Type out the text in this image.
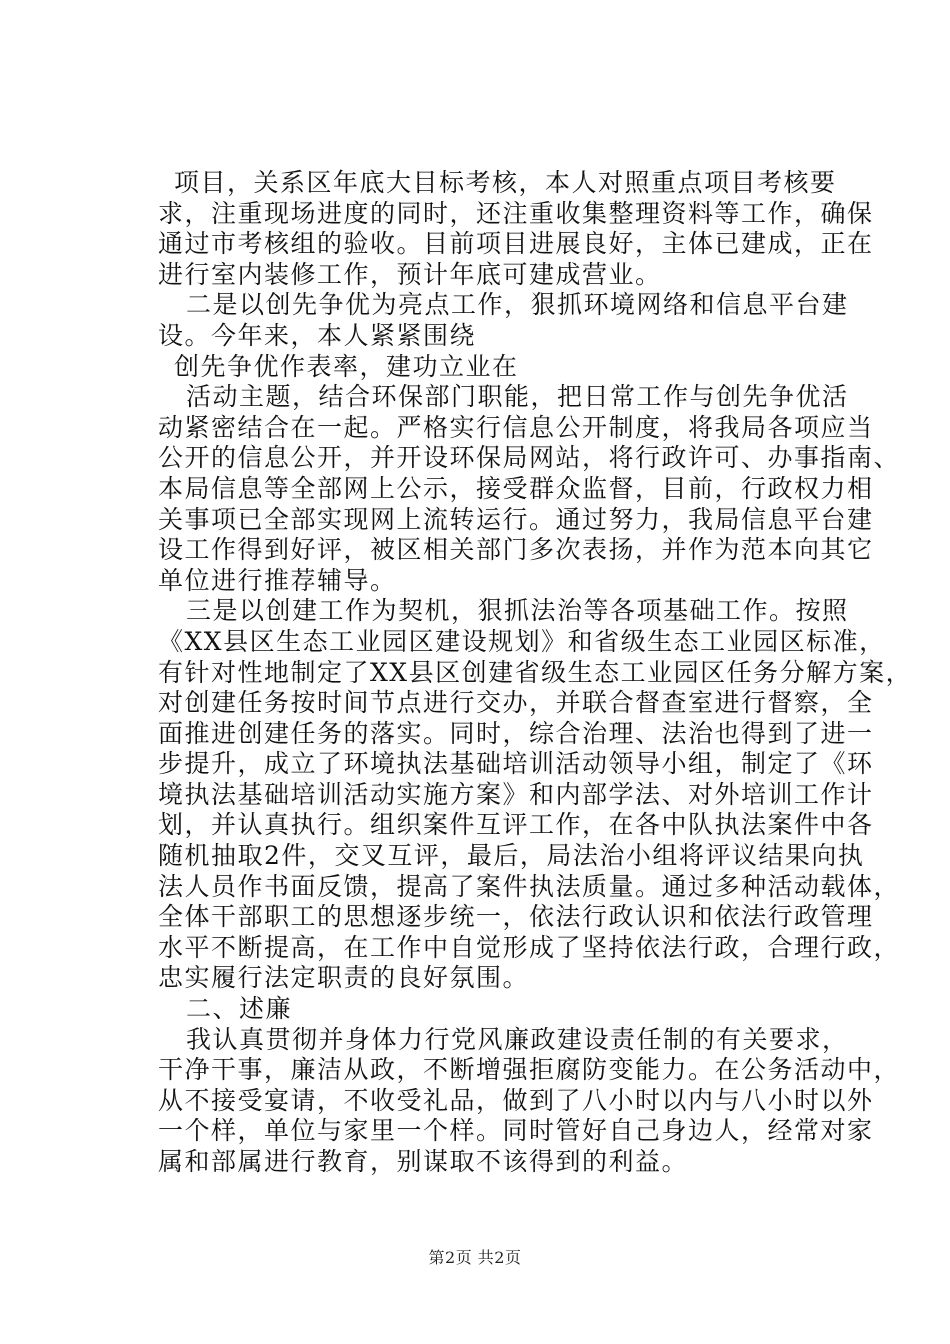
项目，关系区年底大目标考核，本人对照重点项目考核要
求，注重现场进度的同时，还注重收集整理资料等工作，确保
通过市考核组的验收。目前项目进展良好，主体已建成，正在
进行室内装修工作，预计年底可建成营业。
二是以创先争优为亮点工作，狠抓环境网络和信息平台建
设。今年来，本人紧紧围绕
创先争优作表率，建功立业在
活动主题，结合环保部门职能，把日常工作与创先争优活
动紧密结合在一起。严格实行信息公开制度，将我局各项应当
公开的信息公开，并开设环保局网站，将行政许可、办事指南、
本局信息等全部网上公示，接受群众监督，目前，行政权力相
关事项已全部实现网上流转运行。通过努力，我局信息平台建
设工作得到好评，被区相关部门多次表扬，并作为范本向其它
单位进行推荐辅导。
三是以创建工作为契机，狠抓法治等各项基础工作。按照
《XX县区生态工业园区建设规划》和省级生态工业园区标准，
有针对性地制定了XX县区创建省级生态工业园区任务分解方案，
对创建任务按时间节点进行交办，并联合督查室进行督察，全
面推进创建任务的落实。同时，综合治理、法治也得到了进一
步提升，成立了环境执法基础培训活动领导小组，制定了《环
境执法基础培训活动实施方案》和内部学法、对外培训工作计
划，并认真执行。组织案件互评工作，在各中队执法案件中各
随机抽取2件，交叉互评，最后，局法治小组将评议结果向执
法人员作书面反馈，提高了案件执法质量。通过多种活动载体，
全体干部职工的思想逐步统一，依法行政认识和依法行政管理
水平不断提高，在工作中自觉形成了坚持依法行政，合理行政，
忠实履行法定职责的良好氛围。
二、述廉
我认真贯彻并身体力行党风廉政建设责任制的有关要求，
干净干事，廉洁从政，不断增强拒腐防变能力。在公务活动中，
从不接受宴请，不收受礼品，做到了八小时以内与八小时以外
一个样，单位与家里一个样。同时管好自己身边人，经常对家
属和部属进行教育，别谋取不该得到的利益。
第2页 共2页
